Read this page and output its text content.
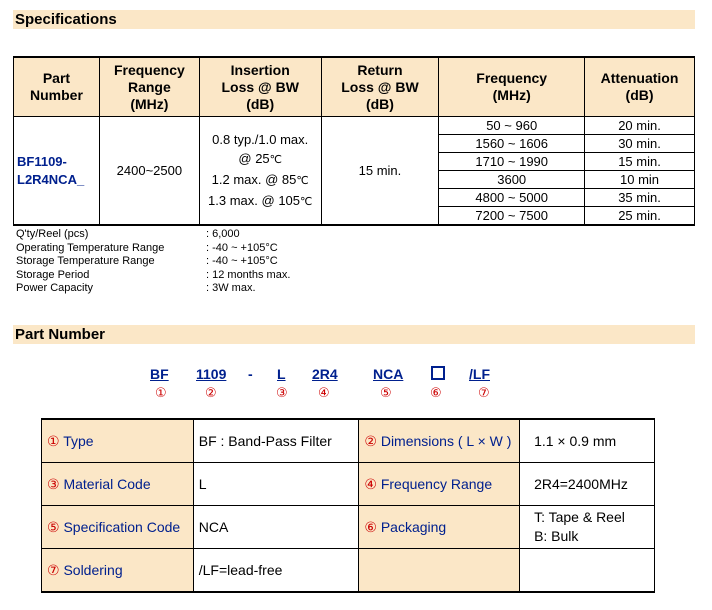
Specifications
Part
Number	Frequency
Range
(MHz)	Insertion
Loss @ BW
(dB)	Return
Loss @ BW
(dB)	Frequency
(MHz)	Attenuation
(dB)
BF1109-
L2R4NCA_	2400~2500	0.8 typ./1.0 max.
@ 25℃
1.2 max. @ 85℃
1.3 max. @ 105℃	15 min.	50 ~ 960	20 min.
				1560 ~ 1606	30 min.
				1710 ~ 1990	15 min.
				3600	10 min
				4800 ~ 5000	35 min.
				7200 ~ 7500	25 min.
Q'ty/Reel (pcs)	: 6,000
Operating Temperature Range	: -40 ~ +105°C
Storage Temperature Range	: -40 ~ +105°C
Storage Period	: 12 months max.
Power Capacity	: 3W max.
Part Number
BF 1109 - L 2R4	NCA	/LF
①	②	③ ④	⑤	⑥	⑦
① Type	BF : Band-Pass Filter	② Dimensions ( L × W )	1.1 × 0.9 mm
③ Material Code	L	④ Frequency Range	2R4=2400MHz
⑤ Specification Code	NCA	⑥ Packaging	T: Tape & Reel
B: Bulk
⑦ Soldering	/LF=lead-free		
